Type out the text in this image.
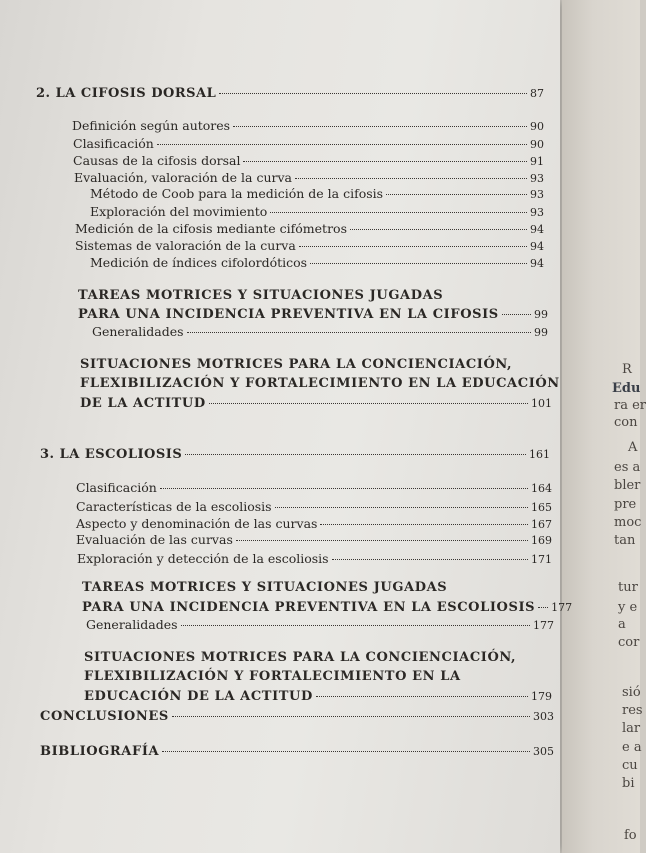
R
Edu
ra er
con
A
es a
bler
pre
moc
tan
tur
y e
a
cor
sió
res
lar
e a
cu
bi
fo
2. LA CIFOSIS DORSAL	87
Definición según autores	90
Clasificación	90
Causas de la cifosis dorsal	91
Evaluación, valoración de la curva	93
Método de Coob para la medición de la cifosis	93
Exploración del movimiento	93
Medición de la cifosis mediante cifómetros	94
Sistemas de valoración de la curva	94
Medición de índices cifolordóticos	94
TAREAS MOTRICES Y SITUACIONES JUGADAS
PARA UNA INCIDENCIA PREVENTIVA EN LA CIFOSIS	99
Generalidades	99
SITUACIONES MOTRICES PARA LA CONCIENCIACIÓN,
FLEXIBILIZACIÓN Y FORTALECIMIENTO EN LA EDUCACIÓN
DE LA ACTITUD	101
3. LA ESCOLIOSIS	161
Clasificación	164
Características de la escoliosis	165
Aspecto y denominación de las curvas	167
Evaluación de las curvas	169
Exploración y detección de la escoliosis	171
TAREAS MOTRICES Y SITUACIONES JUGADAS
PARA UNA INCIDENCIA PREVENTIVA EN LA ESCOLIOSIS 177
Generalidades	177
SITUACIONES MOTRICES PARA LA CONCIENCIACIÓN,
FLEXIBILIZACIÓN Y FORTALECIMIENTO EN LA
EDUCACIÓN DE LA ACTITUD	179
CONCLUSIONES	303
BIBLIOGRAFÍA	305
